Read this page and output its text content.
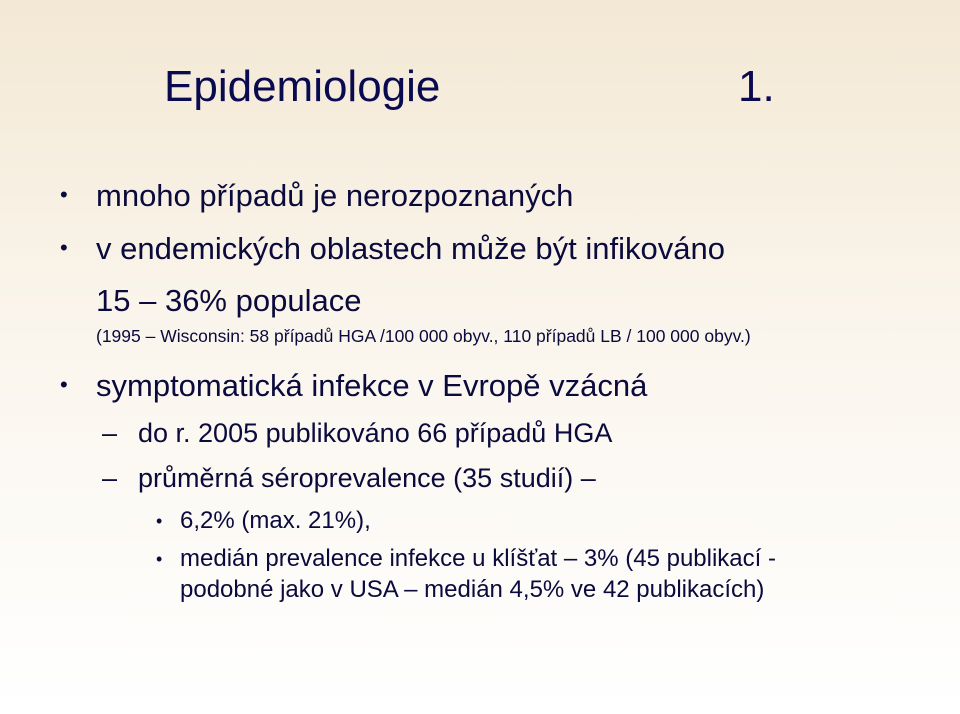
Epidemiologie	1.
• mnoho případů je nerozpoznaných
• v endemických oblastech může být infikováno
15 – 36% populace
(1995 – Wisconsin: 58 případů HGA /100 000 obyv., 110 případů LB / 100 000 obyv.)
• symptomatická infekce v Evropě vzácná
– do r. 2005 publikováno 66 případů HGA
– průměrná séroprevalence (35 studií) –
• 6,2% (max. 21%),
• medián prevalence infekce u klíšťat – 3% (45 publikací -
podobné jako v USA – medián 4,5% ve 42 publikacích)
